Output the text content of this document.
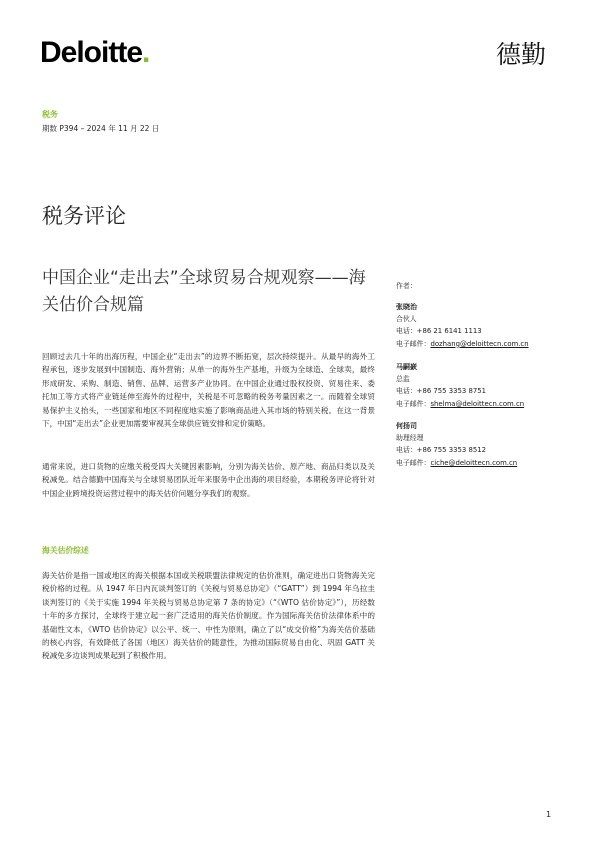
Deloitte.	德勤
税务
期数 P394 – 2024 年 11 月 22 日
税务评论
中国企业“走出去”全球贸易合规观察——海关估价合规篇
回顾过去几十年的出海历程，中国企业“走出去”的边界不断拓宽，层次持续提升。从最早的海外工程承包，逐步发展到中国制造、海外营销；从单一的海外生产基地，升级为全球造、全球卖，最终形成研发、采购、制造、销售、品牌、运营多产业协同。在中国企业通过股权投资、贸易往来、委托加工等方式将产业链延伸至海外的过程中，关税是不可忽略的税务考量因素之一。而随着全球贸易保护主义抬头，一些国家和地区不同程度地实施了影响商品进入其市场的特别关税。在这一背景下，中国“走出去”企业更加需要审视其全球供应链安排和定价策略。
通常来说，进口货物的应缴关税受四大关键因素影响，分别为海关估价、原产地、商品归类以及关税减免。结合德勤中国海关与全球贸易团队近年来服务中企出海的项目经验，本期税务评论将针对中国企业跨境投资运营过程中的海关估价问题分享我们的观察。
海关估价综述
海关估价是指一国或地区的海关根据本国或关税联盟法律规定的估价准则，确定进出口货物海关完税价格的过程。从 1947 年日内瓦谈判签订的《关税与贸易总协定》（“GATT”）到 1994 年乌拉圭谈判签订的《关于实施 1994 年关税与贸易总协定第 7 条的协定》（“《WTO 估价协定》”），历经数十年的多方探讨，全球终于建立起一套广泛适用的海关估价制度。作为国际海关估价法律体系中的基础性文本，《WTO 估价协定》以公平、统一、中性为原则，确立了以“成交价格”为海关估价基础的核心内容，有效降低了各国（地区）海关估价的随意性，为推动国际贸易自由化、巩固 GATT 关税减免多边谈判成果起到了积极作用。
作者：
张晓治
合伙人
电话：+86 21 6141 1113
电子邮件：dozhang@deloittecn.com.cn
马嗣嶔
总监
电话：+86 755 3353 8751
电子邮件：shelma@deloittecn.com.cn
何扬司
助理经理
电话：+86 755 3353 8512
电子邮件：ciche@deloittecn.com.cn
1
